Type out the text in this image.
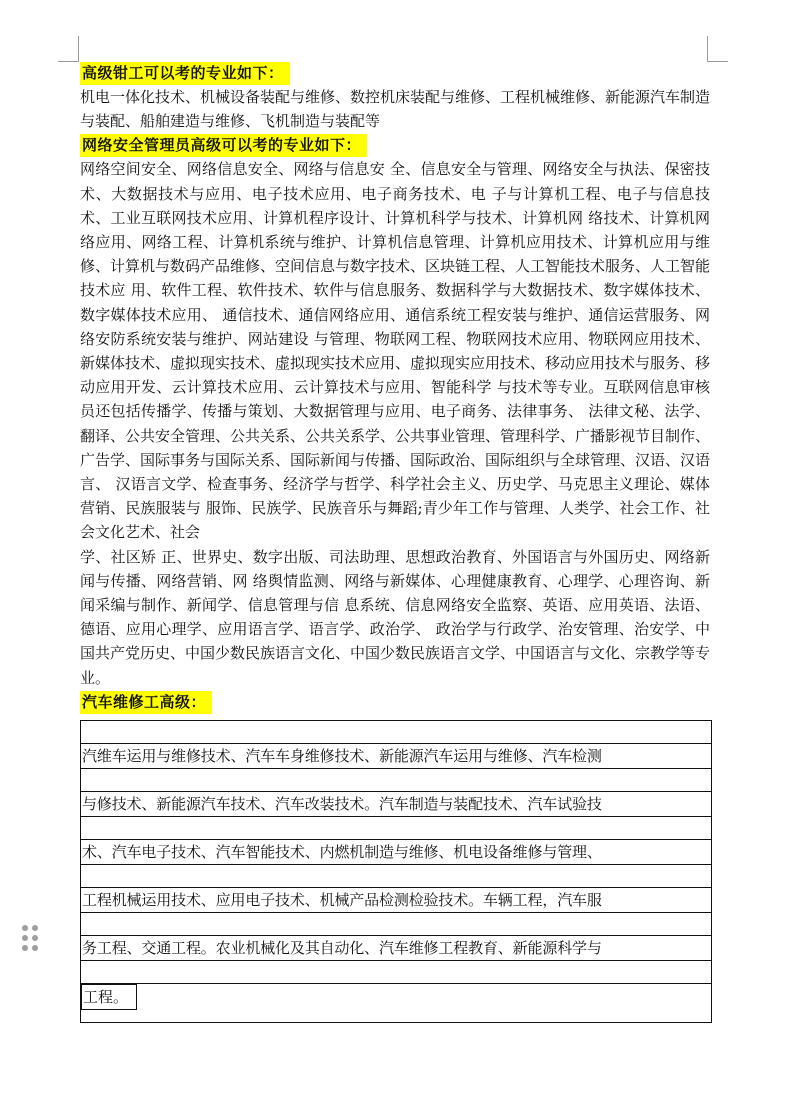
高级钳工可以考的专业如下：

机电一体化技术、机械设备装配与维修、数控机床装配与维修、工程机械维修、新能源汽车制造与装配、船舶建造与维修、飞机制造与装配等

网络安全管理员高级可以考的专业如下：

网络空间安全、网络信息安全、网络与信息安 全、信息安全与管理、网络安全与执法、保密技术、大数据技术与应用、电子技术应用、电子商务技术、电 子与计算机工程、电子与信息技术、工业互联网技术应用、计算机程序设计、计算机科学与技术、计算机网 络技术、计算机网络应用、网络工程、计算机系统与维护、计算机信息管理、计算机应用技术、计算机应用与维修、计算机与数码产品维修、空间信息与数字技术、区块链工程、人工智能技术服务、人工智能技术应 用、软件工程、软件技术、软件与信息服务、数据科学与大数据技术、数字媒体技术、数字媒体技术应用、 通信技术、通信网络应用、通信系统工程安装与维护、通信运营服务、网络安防系统安装与维护、网站建设 与管理、物联网工程、物联网技术应用、物联网应用技术、新媒体技术、虚拟现实技术、虚拟现实技术应用、虚拟现实应用技术、移动应用技术与服务、移动应用开发、云计算技术应用、云计算技术与应用、智能科学 与技术等专业。互联网信息审核员还包括传播学、传播与策划、大数据管理与应用、电子商务、法律事务、 法律文秘、法学、翻译、公共安全管理、公共关系、公共关系学、公共事业管理、管理科学、广播影视节目制作、广告学、国际事务与国际关系、国际新闻与传播、国际政治、国际组织与全球管理、汉语、汉语言、 汉语言文学、检查事务、经济学与哲学、科学社会主义、历史学、马克思主义理论、媒体营销、民族服装与 服饰、民族学、民族音乐与舞蹈;青少年工作与管理、人类学、社会工作、社会文化艺术、社会

学、社区矫 正、世界史、数字出版、司法助理、思想政治教育、外国语言与外国历史、网络新闻与传播、网络营销、网 络舆情监测、网络与新媒体、心理健康教育、心理学、心理咨询、新闻采编与制作、新闻学、信息管理与信 息系统、信息网络安全监察、英语、应用英语、法语、德语、应用心理学、应用语言学、语言学、政治学、 政治学与行政学、治安管理、治安学、中国共产党历史、中国少数民族语言文化、中国少数民族语言文学、中国语言与文化、宗教学等专业。

汽车维修工高级：
汽维车运用与维修技术、汽车车身维修技术、新能源汽车运用与维修、汽车检测
与修技术、新能源汽车技术、汽车改装技术。汽车制造与装配技术、汽车试验技
术、汽车电子技术、汽车智能技术、内燃机制造与维修、机电设备维修与管理、
工程机械运用技术、应用电子技术、机械产品检测检验技术。车辆工程，汽车服
务工程、交通工程。农业机械化及其自动化、汽车维修工程教育、新能源科学与
工程。
